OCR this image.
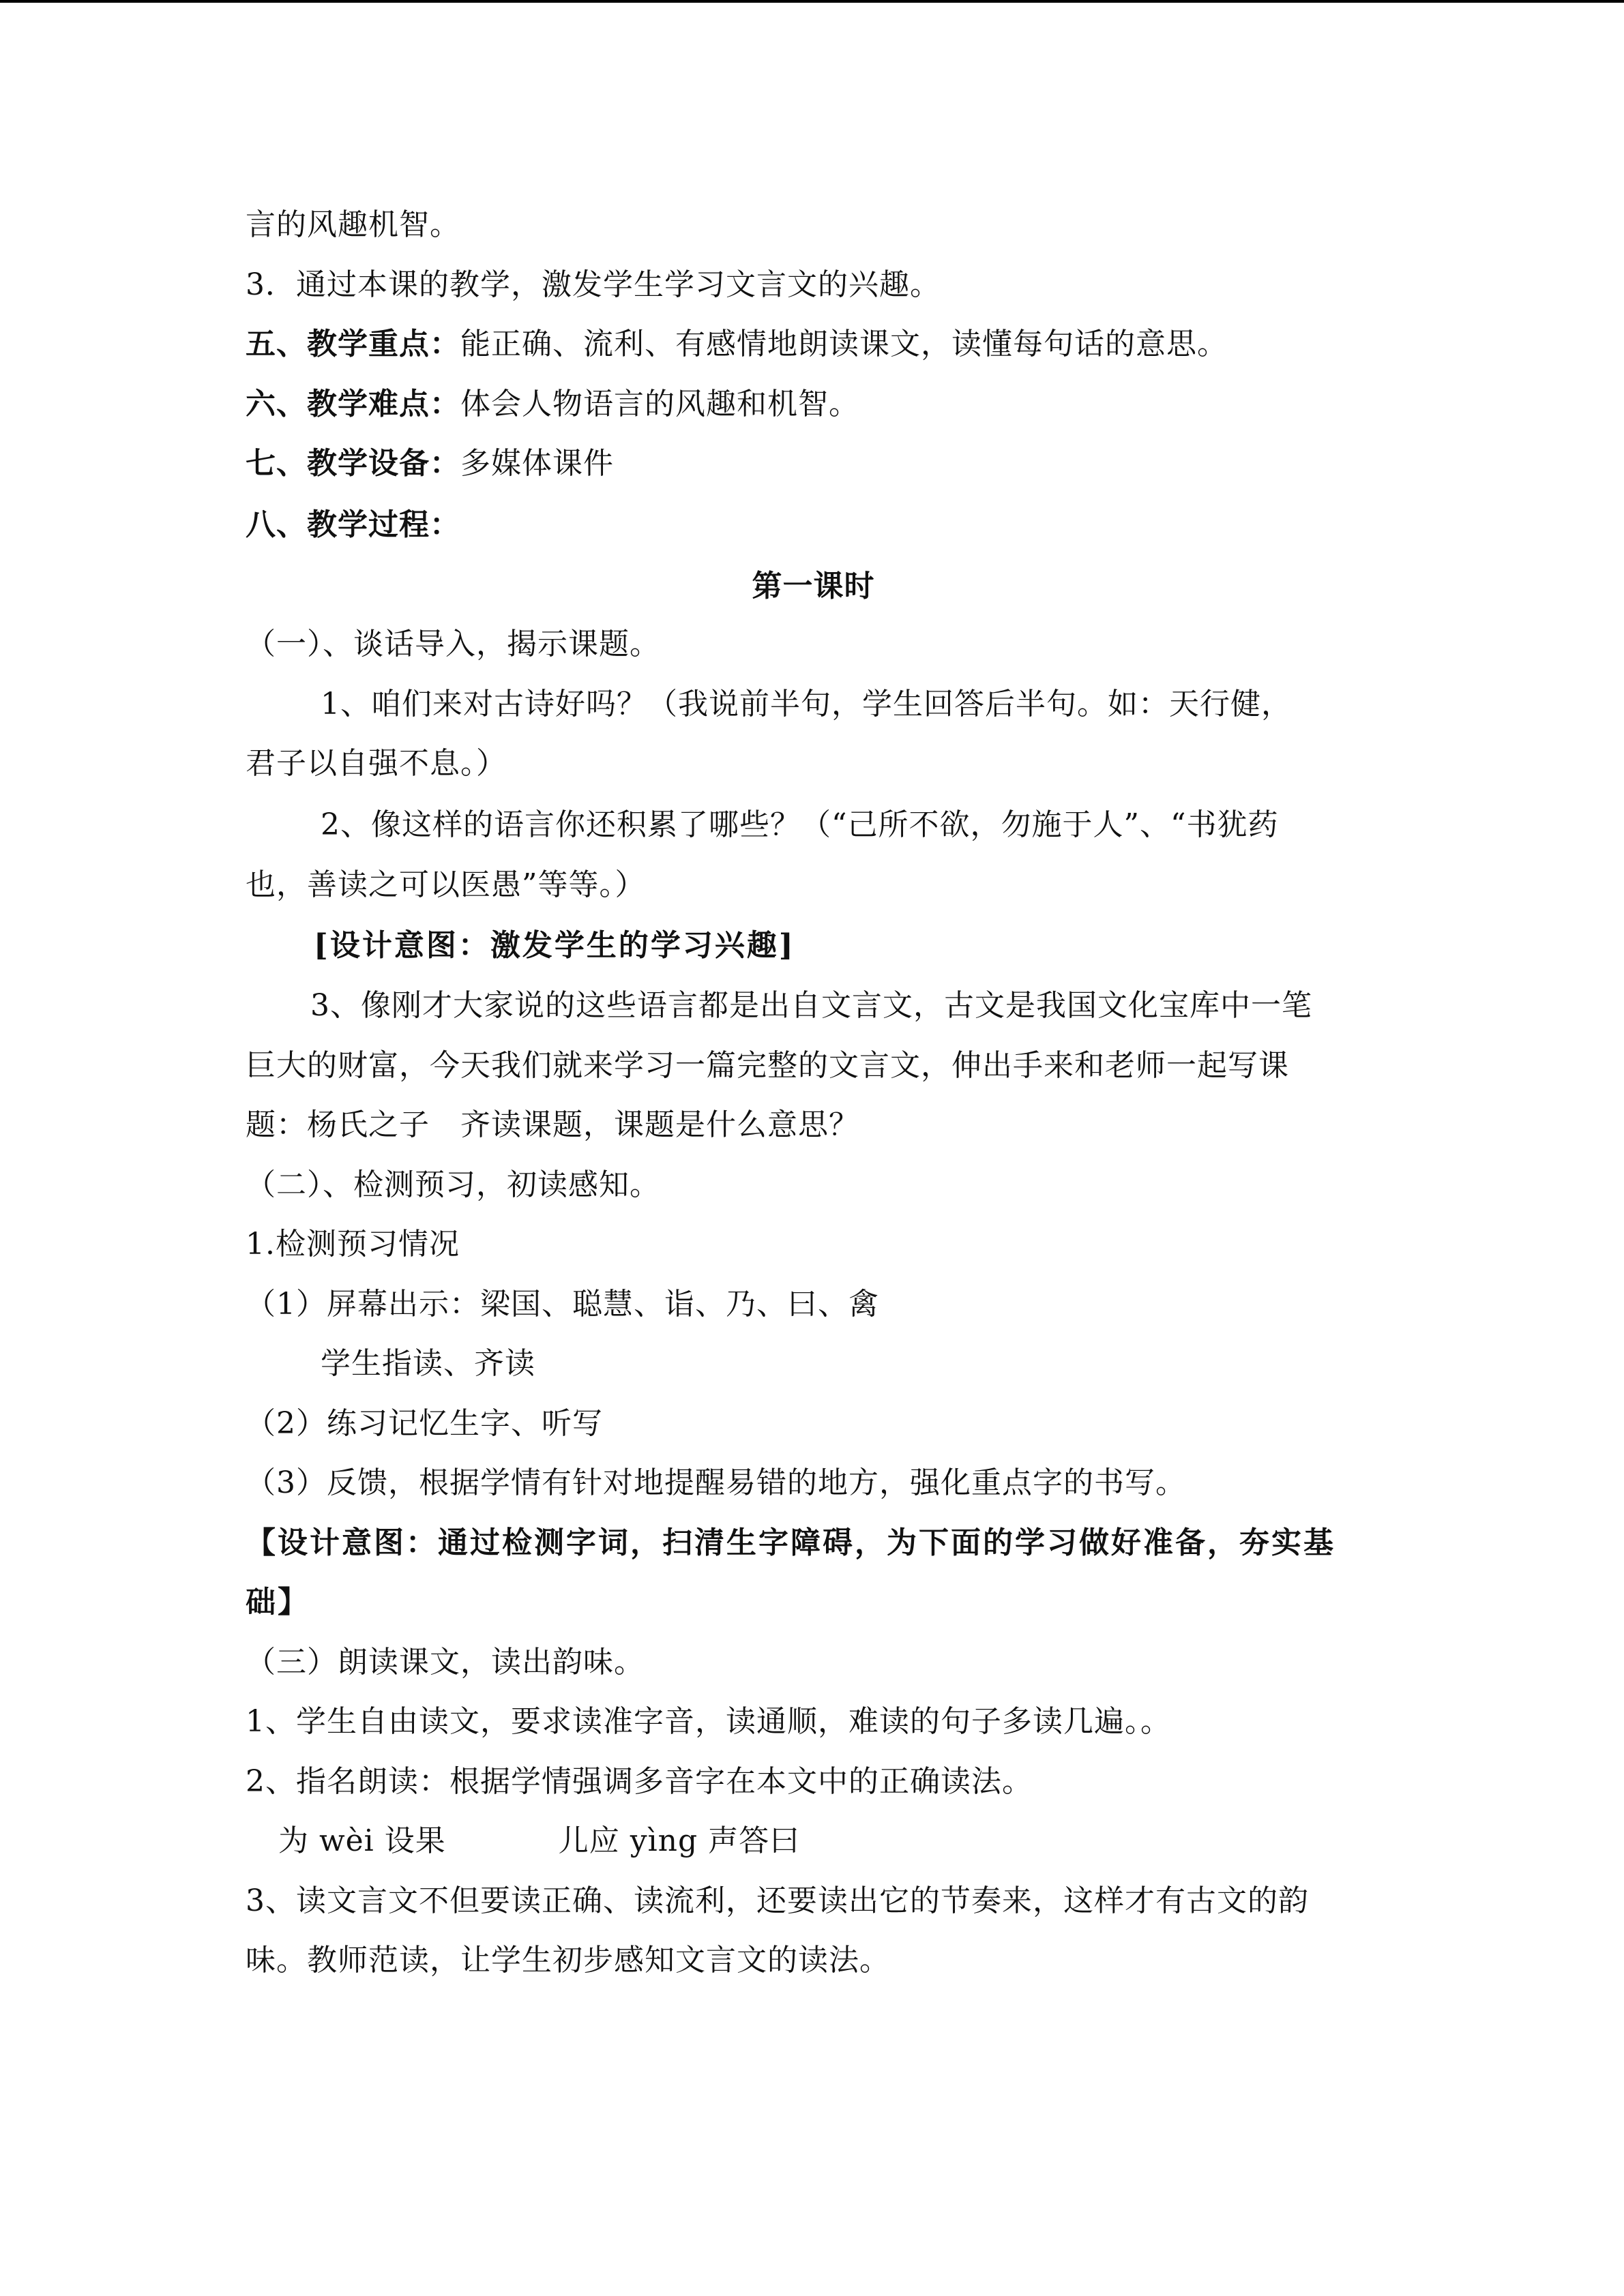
言的风趣机智。
3．通过本课的教学，激发学生学习文言文的兴趣。
五、教学重点：能正确、流利、有感情地朗读课文，读懂每句话的意思。
六、教学难点：体会人物语言的风趣和机智。
七、教学设备：多媒体课件
八、教学过程：
第一课时
（一）、谈话导入，揭示课题。
1、咱们来对古诗好吗？（我说前半句，学生回答后半句。如：天行健，
君子以自强不息。）
2、像这样的语言你还积累了哪些？（“己所不欲，勿施于人”、“书犹药
也，善读之可以医愚”等等。）
[设计意图：激发学生的学习兴趣]
3、像刚才大家说的这些语言都是出自文言文，古文是我国文化宝库中一笔
巨大的财富，今天我们就来学习一篇完整的文言文，伸出手来和老师一起写课
题：杨氏之子　齐读课题，课题是什么意思？
（二）、检测预习，初读感知。
1.检测预习情况
（1）屏幕出示：梁国、聪慧、诣、乃、曰、禽
学生指读、齐读
（2）练习记忆生字、听写
（3）反馈，根据学情有针对地提醒易错的地方，强化重点字的书写。
【设计意图：通过检测字词，扫清生字障碍，为下面的学习做好准备，夯实基
础】
（三）朗读课文，读出韵味。
1、学生自由读文，要求读准字音，读通顺，难读的句子多读几遍。。
2、指名朗读：根据学情强调多音字在本文中的正确读法。
为 wèi 设果	儿应 yìng 声答曰
3、读文言文不但要读正确、读流利，还要读出它的节奏来，这样才有古文的韵
味。教师范读，让学生初步感知文言文的读法。
